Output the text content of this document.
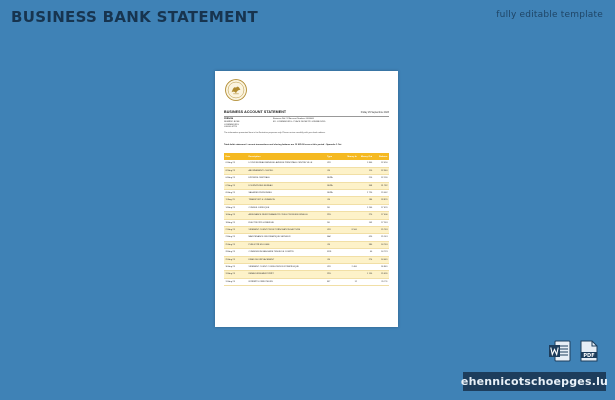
BUSINESS BANK STATEMENT	fully editable template
BUSINESS ACCOUNT STATEMENT	Friday 29 Septembre 2023
PRÉNOM
NUMÉRO BCEE
LUXEMBOURG
LU0000 47TB
Business Ref: 12 Account Number: 0000000
EX: LUXEMBOURG - PLACE DE METZ LUXEMBOURG
The information presented here is for illustrative purposes only. Please review carefully with your bank advisor.
Total debit statement / current transactions and closing balance are 12 025.00 euro at this period - Spacedo 1 Oct
Date	Description	Type	Money In	Money Out	Balance
01 Aug 23	LOYER BUREAU MENSUEL AVENUE PRINCIPALE CENTRE VILLE	VIR		1 800	32 450
02 Aug 23	ABONNEMENT LOGICIEL	CB		110	32 340
04 Aug 23	EPICERIE CENTRALE	SEPA		210	32 130
07 Aug 23	FOURNITURES BUREAU	SEPA		348	31 782
09 Aug 23	SALAIRES PERSONNEL	SEPA		2 720	29 062
11 Aug 23	TRANSPORT & LIVRAISON	CB		186	28 876
14 Aug 23	CONSEIL JURIDIQUE	DD		1 200	27 676
16 Aug 23	ASSURANCE RESPONSABILITÉ CIVILE PROFESSIONNELLE	PRL		270	27 406
18 Aug 23	ÉLECTRICITÉ & ÉNERGIE	DD		143	27 263
21 Aug 23	VIREMENT CLIENT PROJET RÉNOVATION FACTURE	VIR	8 500		35 763
23 Aug 23	MAINTENANCE INFORMATIQUE SERVEUR	FAC		620	35 143
25 Aug 23	PUBLICITÉ EN LIGNE	CB		380	34 763
28 Aug 23	COMMISSION BANCAIRE TENUE DE COMPTE	FRS		40	34 723
29 Aug 23	FRAIS DE DÉPLACEMENT	CB		274	34 449
30 Aug 23	VIREMENT CLIENT CONSULTATION STRATÉGIQUE	VIR	2 400		36 849
31 Aug 23	REMBOURSEMENT PRÊT	PRL		1 150	35 699
31 Aug 23	INTÉRÊTS CRÉDITEURS	INT	12		35 711
PDF
ehennicotschoepges.lu
